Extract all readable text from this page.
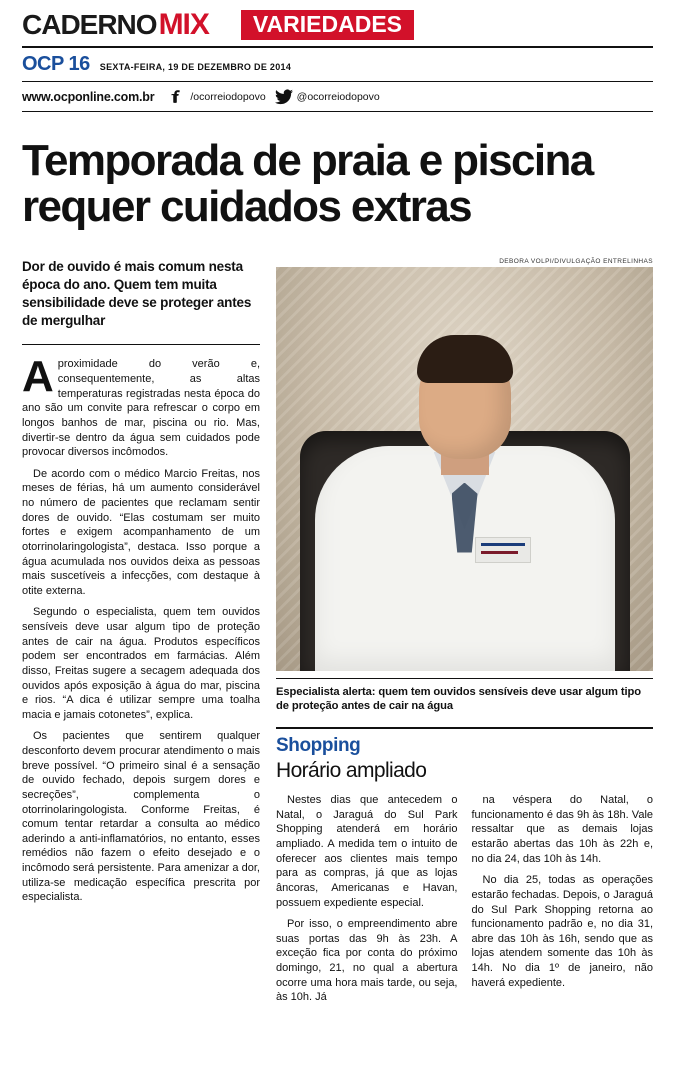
CADERNO MIX	VARIEDADES
OCP 16 SEXTA-FEIRA, 19 DE DEZEMBRO DE 2014
www.ocponline.com.br	/ocorreiodopovo	@ocorreiodopovo
Temporada de praia e piscina requer cuidados extras
Dor de ouvido é mais comum nesta época do ano. Quem tem muita sensibilidade deve se proteger antes de mergulhar

Aproximidade do verão e, consequentemente, as altas temperaturas registradas nesta época do ano são um convite para refrescar o corpo em longos banhos de mar, piscina ou rio. Mas, divertir-se dentro da água sem cuidados pode provocar diversos incômodos.

De acordo com o médico Marcio Freitas, nos meses de férias, há um aumento considerável no número de pacientes que reclamam sentir dores de ouvido. “Elas costumam ser muito fortes e exigem acompanhamento de um otorrinolaringologista”, destaca. Isso porque a água acumulada nos ouvidos deixa as pessoas mais suscetíveis a infecções, com destaque à otite externa.

Segundo o especialista, quem tem ouvidos sensíveis deve usar algum tipo de proteção antes de cair na água. Produtos específicos podem ser encontrados em farmácias. Além disso, Freitas sugere a secagem adequada dos ouvidos após exposição à água do mar, piscina e rios. “A dica é utilizar sempre uma toalha macia e jamais cotonetes”, explica.

Os pacientes que sentirem qualquer desconforto devem procurar atendimento o mais breve possível. “O primeiro sinal é a sensação de ouvido fechado, depois surgem dores e secreções”, complementa o otorrinolaringologista. Conforme Freitas, é comum tentar retardar a consulta ao médico aderindo a anti-inflamatórios, no entanto, esses remédios não fazem o efeito desejado e o incômodo será persistente. Para amenizar a dor, utiliza-se medicação específica prescrita por especialista.

DEBORA VOLPI/DIVULGAÇÃO ENTRELINHAS
Especialista alerta: quem tem ouvidos sensíveis deve usar algum tipo de proteção antes de cair na água
Shopping
Horário ampliado

Nestes dias que antecedem o Natal, o Jaraguá do Sul Park Shopping atenderá em horário ampliado. A medida tem o intuito de oferecer aos clientes mais tempo para as compras, já que as lojas âncoras, Americanas e Havan, possuem expediente especial.

Por isso, o empreendimento abre suas portas das 9h às 23h. A exceção fica por conta do próximo domingo, 21, no qual a abertura ocorre uma hora mais tarde, ou seja, às 10h. Já

na véspera do Natal, o funcionamento é das 9h às 18h. Vale ressaltar que as demais lojas estarão abertas das 10h às 22h e, no dia 24, das 10h às 14h.

No dia 25, todas as operações estarão fechadas. Depois, o Jaraguá do Sul Park Shopping retorna ao funcionamento padrão e, no dia 31, abre das 10h às 16h, sendo que as lojas atendem somente das 10h às 14h. No dia 1º de janeiro, não haverá expediente.
